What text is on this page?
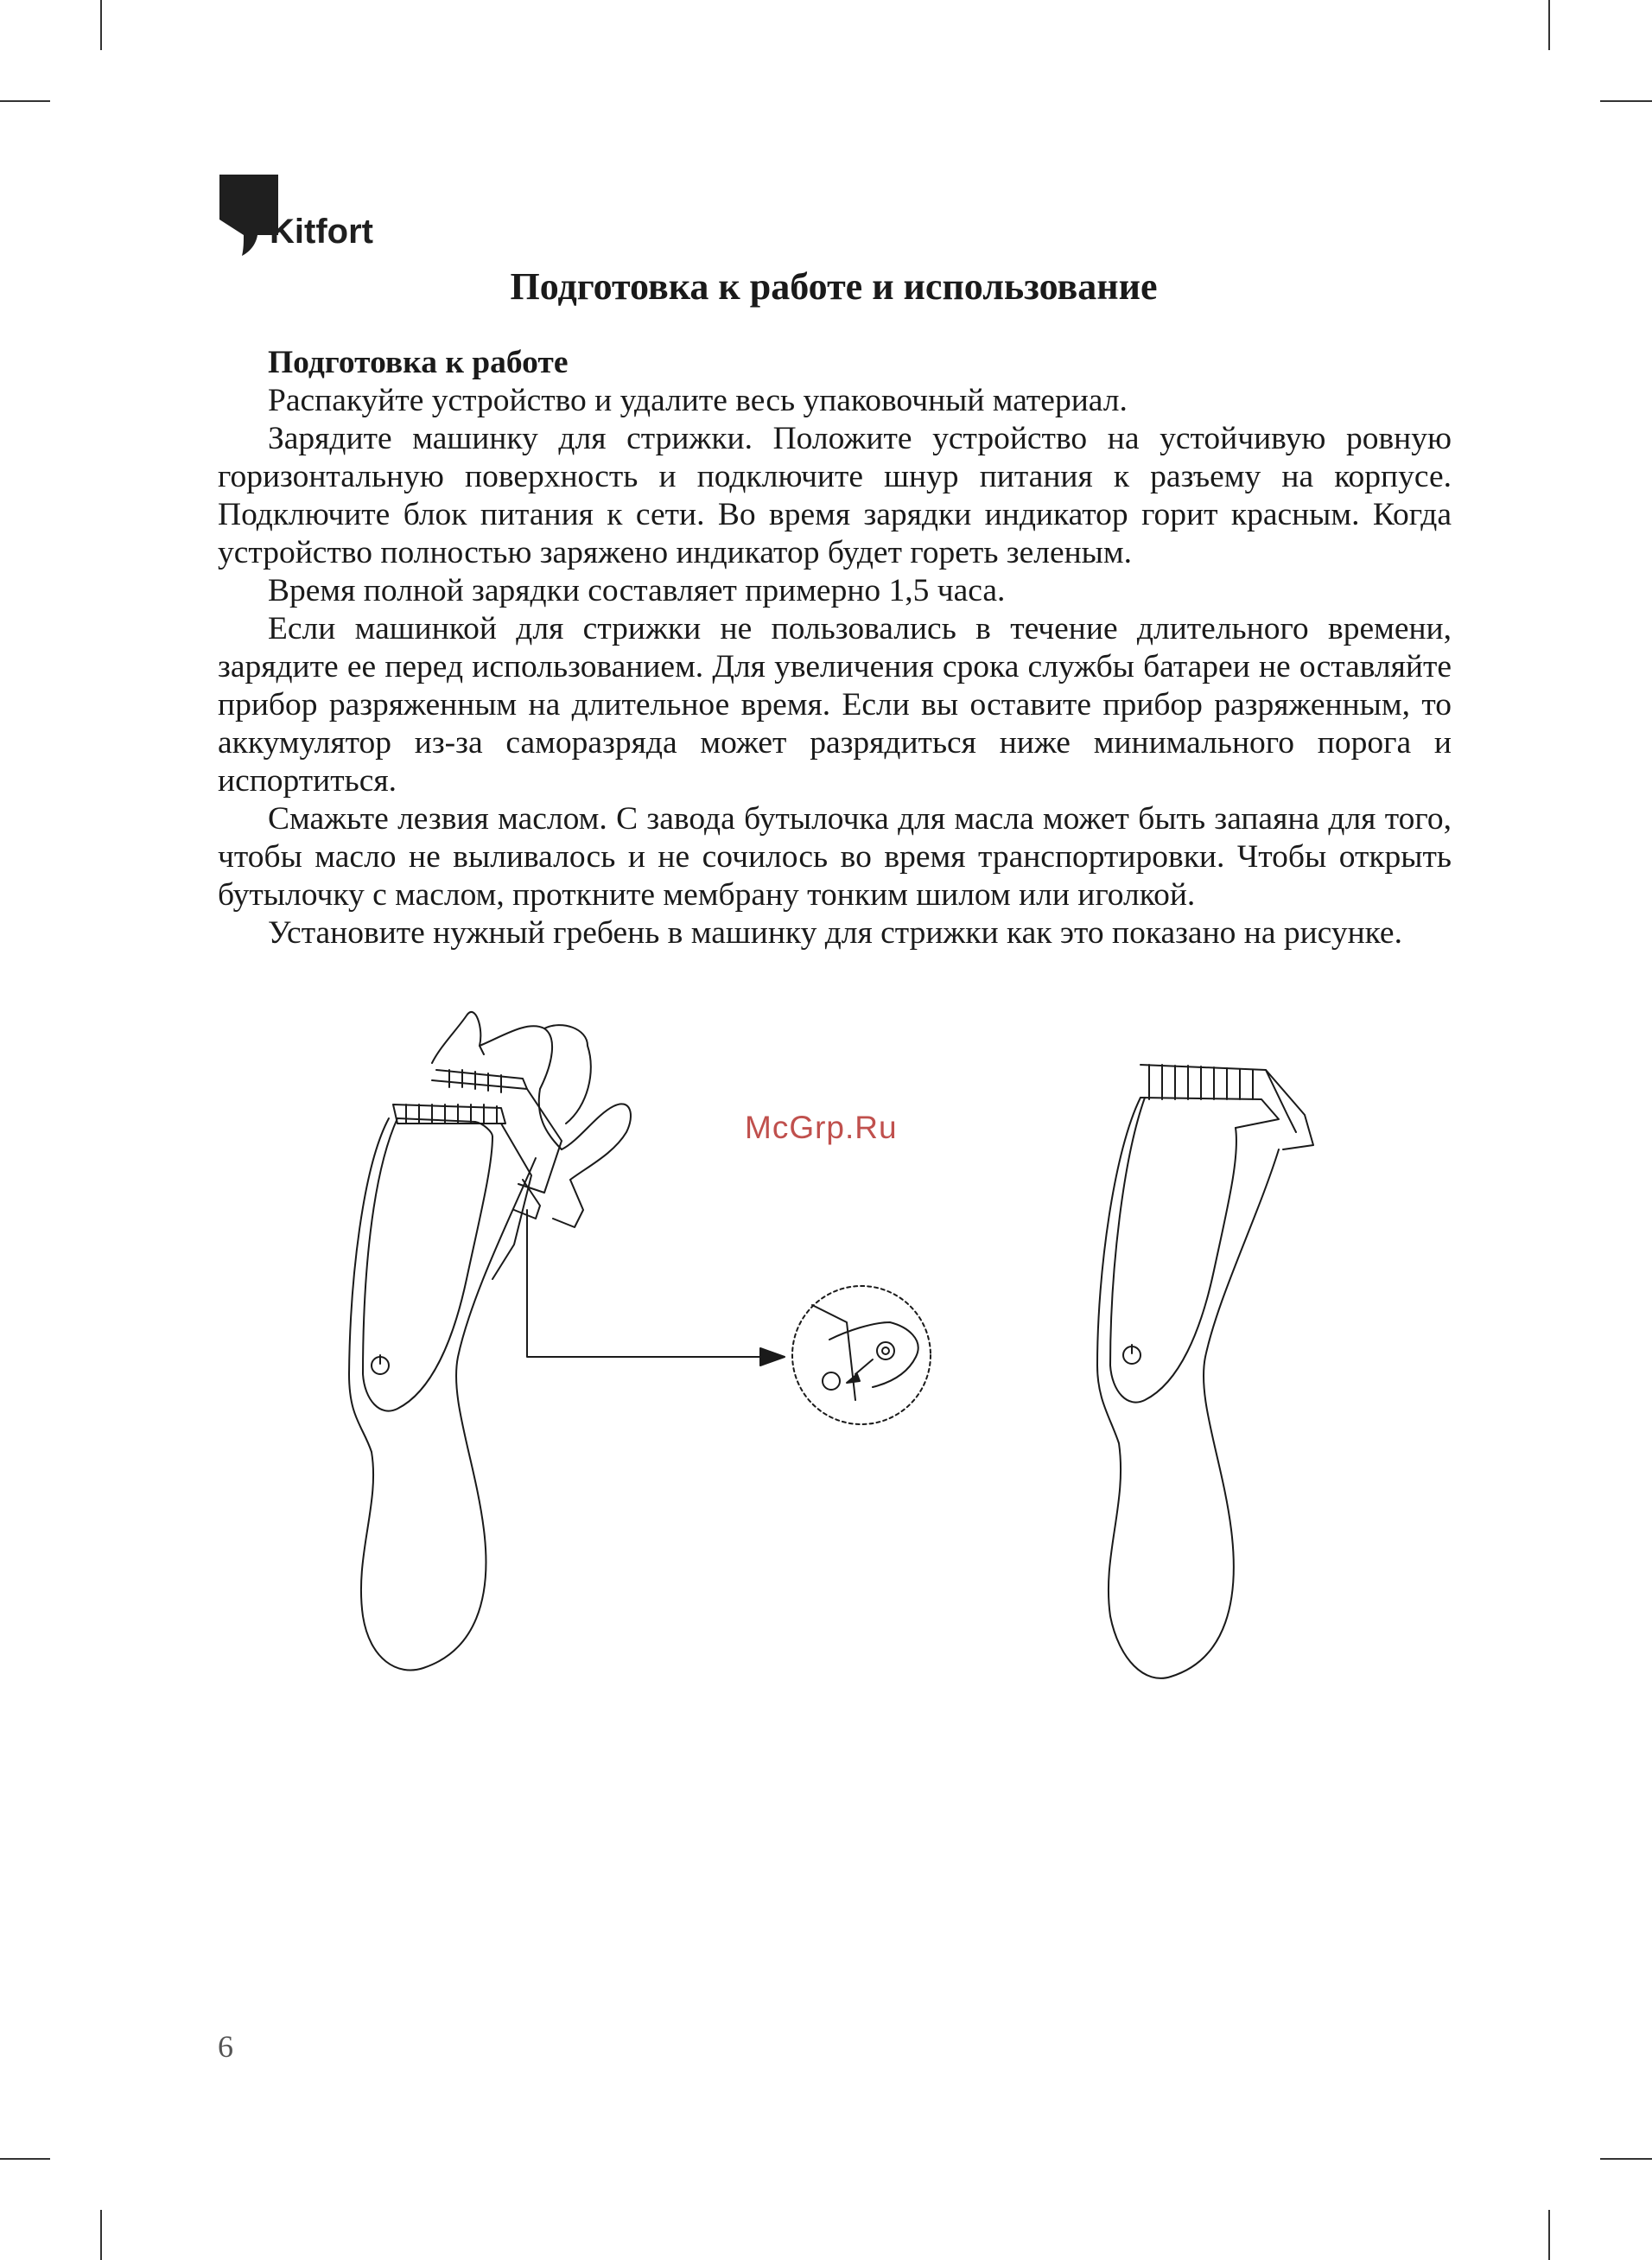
Kitfort
Подготовка к работе и использование

Подготовка к работе

Распакуйте устройство и удалите весь упаковочный материал.

Зарядите машинку для стрижки. Положите устройство на устойчивую ровную горизонтальную поверхность и подключите шнур питания к разъему на корпусе. Подключите блок питания к сети. Во время зарядки индикатор горит красным. Когда устройство полностью заряжено индикатор будет гореть зеленым.

Время полной зарядки составляет примерно 1,5 часа.

Если машинкой для стрижки не пользовались в течение длительного времени, зарядите ее перед использованием. Для увеличения срока службы батареи не оставляйте прибор разряженным на длительное время. Если вы оставите прибор разряженным, то аккумулятор из-за саморазряда может разрядиться ниже минимального порога и испортиться.

Смажьте лезвия маслом. С завода бутылочка для масла может быть запаяна для того, чтобы масло не выливалось и не сочилось во время транспортировки. Чтобы открыть бутылочку с маслом, проткните мембрану тонким шилом или иголкой.

Установите нужный гребень в машинку для стрижки как это показано на рисунке.

McGrp.Ru
6
